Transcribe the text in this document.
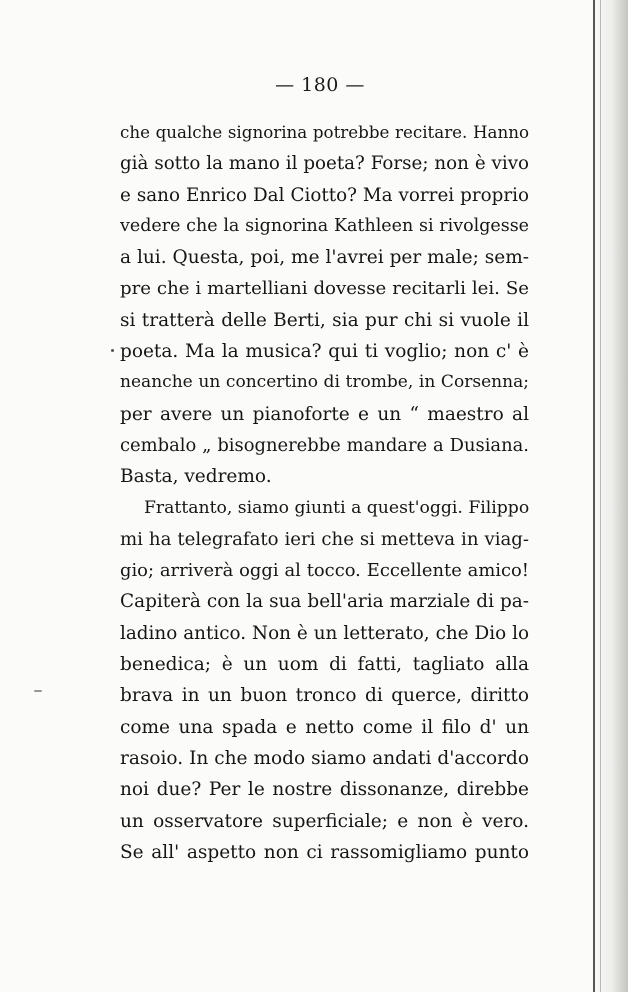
— 180 —
che qualche signorina potrebbe recitare. Hanno
già sotto la mano il poeta? Forse; non è vivo
e sano Enrico Dal Ciotto? Ma vorrei proprio
vedere che la signorina Kathleen si rivolgesse
a lui. Questa, poi, me l'avrei per male; sem-
pre che i martelliani dovesse recitarli lei. Se
si tratterà delle Berti, sia pur chi si vuole il
poeta. Ma la musica? qui ti voglio; non c' è
neanche un concertino di trombe, in Corsenna;
per avere un pianoforte e un “ maestro al
cembalo „ bisognerebbe mandare a Dusiana.
Basta, vedremo.
Frattanto, siamo giunti a quest'oggi. Filippo
mi ha telegrafato ieri che si metteva in viag-
gio; arriverà oggi al tocco. Eccellente amico!
Capiterà con la sua bell'aria marziale di pa-
ladino antico. Non è un letterato, che Dio lo
benedica; è un uom di fatti, tagliato alla
brava in un buon tronco di querce, diritto
come una spada e netto come il filo d' un
rasoio. In che modo siamo andati d'accordo
noi due? Per le nostre dissonanze, direbbe
un osservatore superficiale; e non è vero.
Se all' aspetto non ci rassomigliamo punto
